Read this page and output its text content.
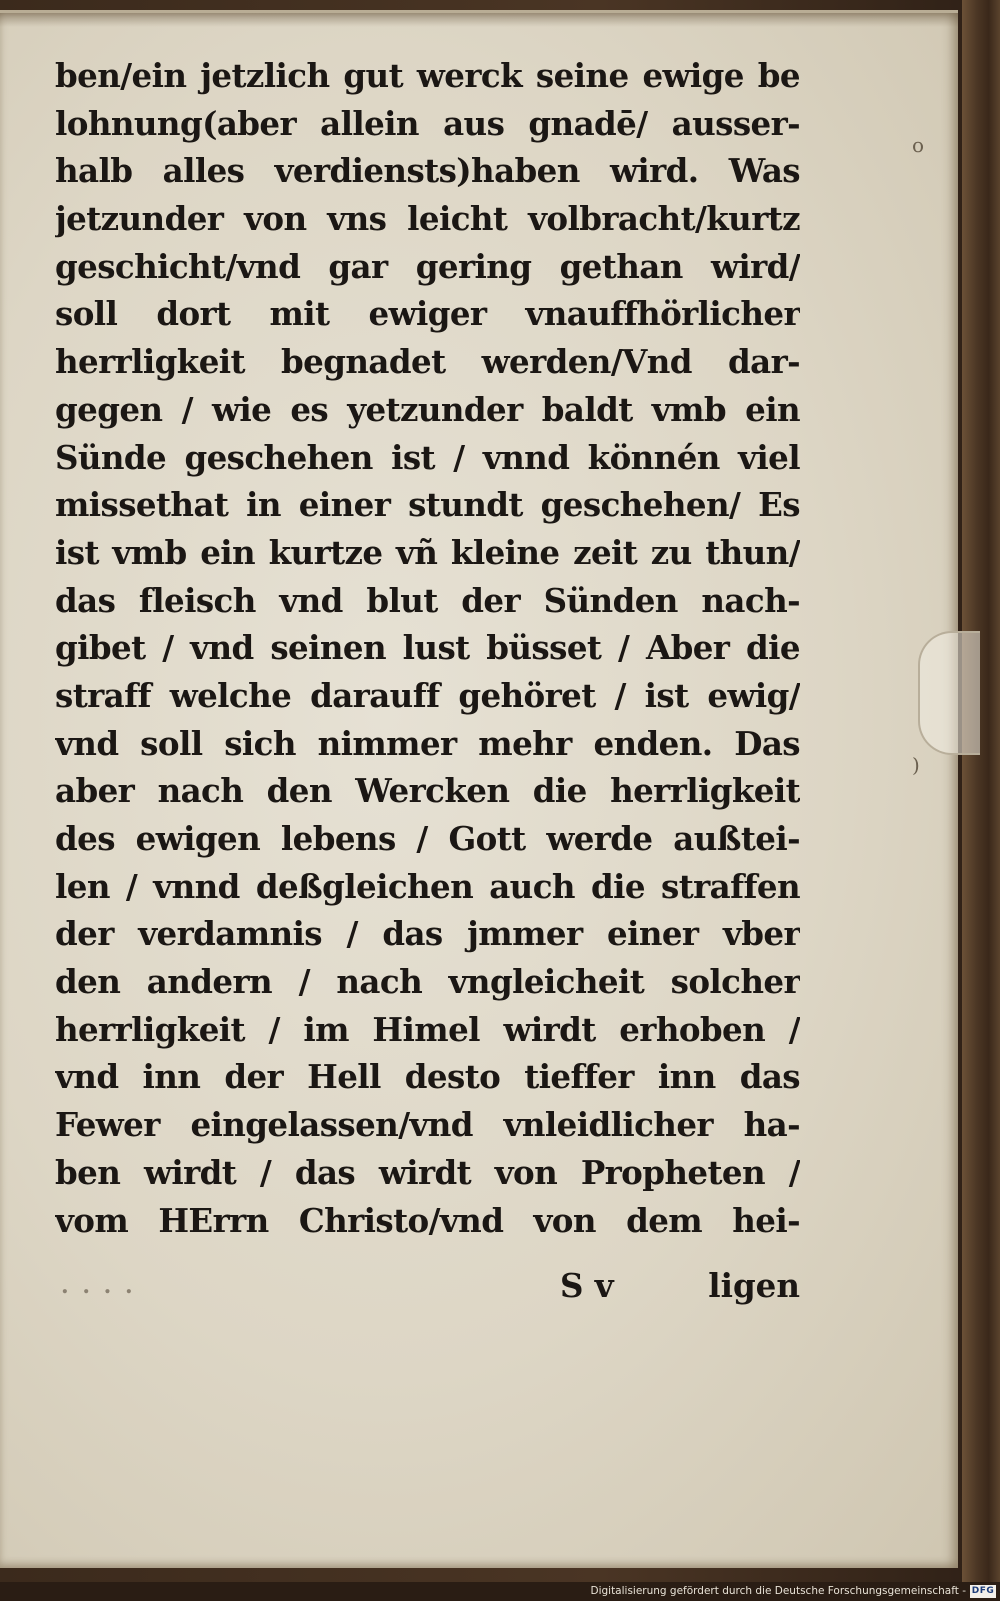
o
)
ben/ein jetzlich gut werck seine ewige be
lohnung(aber allein aus gnadē/ ausser-
halb alles verdiensts)haben wird. Was
jetzunder von vns leicht volbracht/kurtz
geschicht/vnd gar gering gethan wird/
soll dort mit ewiger vnauffhörlicher
herrligkeit begnadet werden/Vnd dar-
gegen / wie es yetzunder baldt vmb ein
Sünde geschehen ist / vnnd könnén viel
missethat in einer stundt geschehen/ Es
ist vmb ein kurtze vñ kleine zeit zu thun/
das fleisch vnd blut der Sünden nach-
gibet / vnd seinen lust büsset / Aber die
straff welche darauff gehöret / ist ewig/
vnd soll sich nimmer mehr enden. Das
aber nach den Wercken die herrligkeit
des ewigen lebens / Gott werde außtei-
len / vnnd deßgleichen auch die straffen
der verdamnis / das jmmer einer vber
den andern / nach vngleicheit solcher
herrligkeit / im Himel wirdt erhoben /
vnd inn der Hell desto tieffer inn das
Fewer eingelassen/vnd vnleidlicher ha-
ben wirdt / das wirdt von Propheten /
vom HErrn Christo/vnd von dem hei-
. . . .	S v	ligen
Digitalisierung gefördert durch die Deutsche Forschungsgemeinschaft - DFG
